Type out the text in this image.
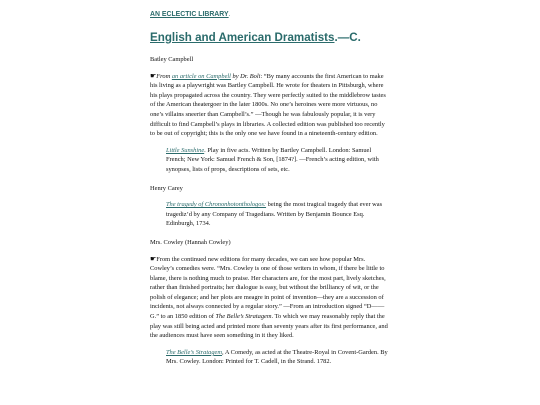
AN ECLECTIC LIBRARY.
English and American Dramatists.—C.

Batley Campbell

☛From an article on Campbell by Dr. Boli: “By many accounts the first American to make his living as a playwright was Bartley Campbell. He wrote for theaters in Pittsburgh, where his plays propagated across the country. They were perfectly suited to the middlebrow tastes of the American theatergoer in the later 1800s. No one’s heroines were more virtuous, no one’s villains sneerier than Campbell’s.” —Though he was fabulously popular, it is very difficult to find Campbell’s plays in libraries. A collected edition was published too recently to be out of copyright; this is the only one we have found in a nineteenth-century edition.

Little Sunshine. Play in five acts. Written by Bartley Campbell. London: Samuel French; New York: Samuel French & Son, [1874?]. —French’s acting edition, with synopses, lists of props, descriptions of sets, etc.

Henry Carey

The tragedy of Chrononhotonthologos: being the most tragical tragedy that ever was tragediz’d by any Company of Tragedians. Written by Benjamin Bounce Esq. Edinburgh, 1734.

Mrs. Cowley (Hannah Cowley)

☛From the continued new editions for many decades, we can see how popular Mrs. Cowley’s comedies were. “Mrs. Cowley is one of those writers in whom, if there be little to blame, there is nothing much to praise. Her characters are, for the most part, lively sketches, rather than finished portraits; her dialogue is easy, but without the brilliancy of wit, or the polish of elegance; and her plots are meagre in point of invention—they are a succession of incidents, not always connected by a regular story.” —From an introduction signed “D——G.” to an 1850 edition of The Belle’s Stratagem. To which we may reasonably reply that the play was still being acted and printed more than seventy years after its first performance, and the audiences must have seen something in it they liked.

The Belle’s Stratagem, A Comedy, as acted at the Theatre-Royal in Covent-Garden. By Mrs. Cowley. London: Printed for T. Cadell, in the Strand. 1782.
